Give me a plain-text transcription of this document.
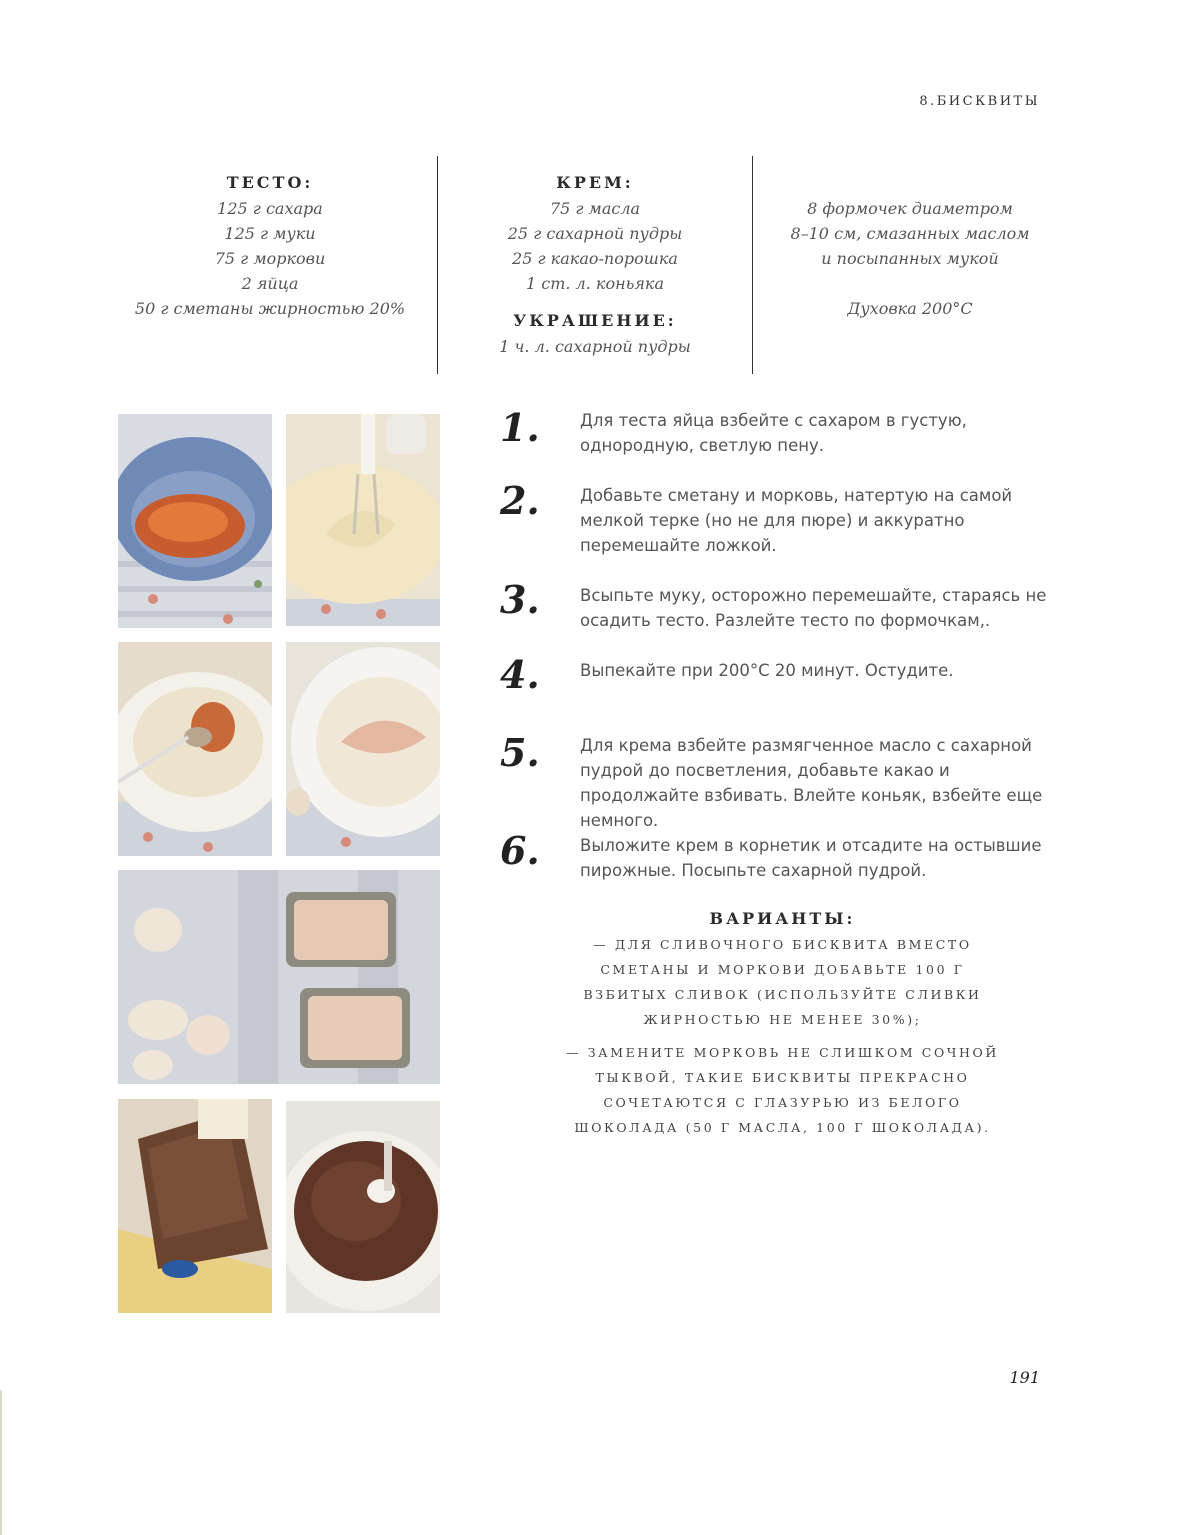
8.БИСКВИТЫ
ТЕСТО:
125 г сахара
125 г муки
75 г моркови
2 яйца
50 г сметаны жирностью 20%
КРЕМ:
75 г масла
25 г сахарной пудры
25 г какао-порошка
1 ст. л. коньяка
УКРАШЕНИЕ:
1 ч. л. сахарной пудры
8 формочек диаметром
8–10 см, смазанных маслом
и посыпанных мукой
Духовка 200°C
1. Для теста яйца взбейте с сахаром в густую, однородную, светлую пену.
2. Добавьте сметану и морковь, натертую на самой мелкой терке (но не для пюре) и аккуратно перемешайте ложкой.
3. Всыпьте муку, осторожно перемешайте, стараясь не осадить тесто. Разлейте тесто по формочкам,.
4. Выпекайте при 200°C 20 минут. Остудите.
5. Для крема взбейте размягченное масло с сахарной пудрой до посветления, добавьте какао и продолжайте взбивать. Влейте коньяк, взбейте еще немного.
6. Выложите крем в корнетик и отсадите на остывшие пирожные. Посыпьте сахарной пудрой.
ВАРИАНТЫ:
— ДЛЯ СЛИВОЧНОГО БИСКВИТА ВМЕСТО СМЕТАНЫ И МОРКОВИ ДОБАВЬТЕ 100 Г ВЗБИТЫХ СЛИВОК (ИСПОЛЬЗУЙТЕ СЛИВКИ ЖИРНОСТЬЮ НЕ МЕНЕЕ 30%);
— ЗАМЕНИТЕ МОРКОВЬ НЕ СЛИШКОМ СОЧНОЙ ТЫКВОЙ, ТАКИЕ БИСКВИТЫ ПРЕКРАСНО СОЧЕТАЮТСЯ С ГЛАЗУРЬЮ ИЗ БЕЛОГО ШОКОЛАДА (50 Г МАСЛА, 100 Г ШОКОЛАДА).
191
